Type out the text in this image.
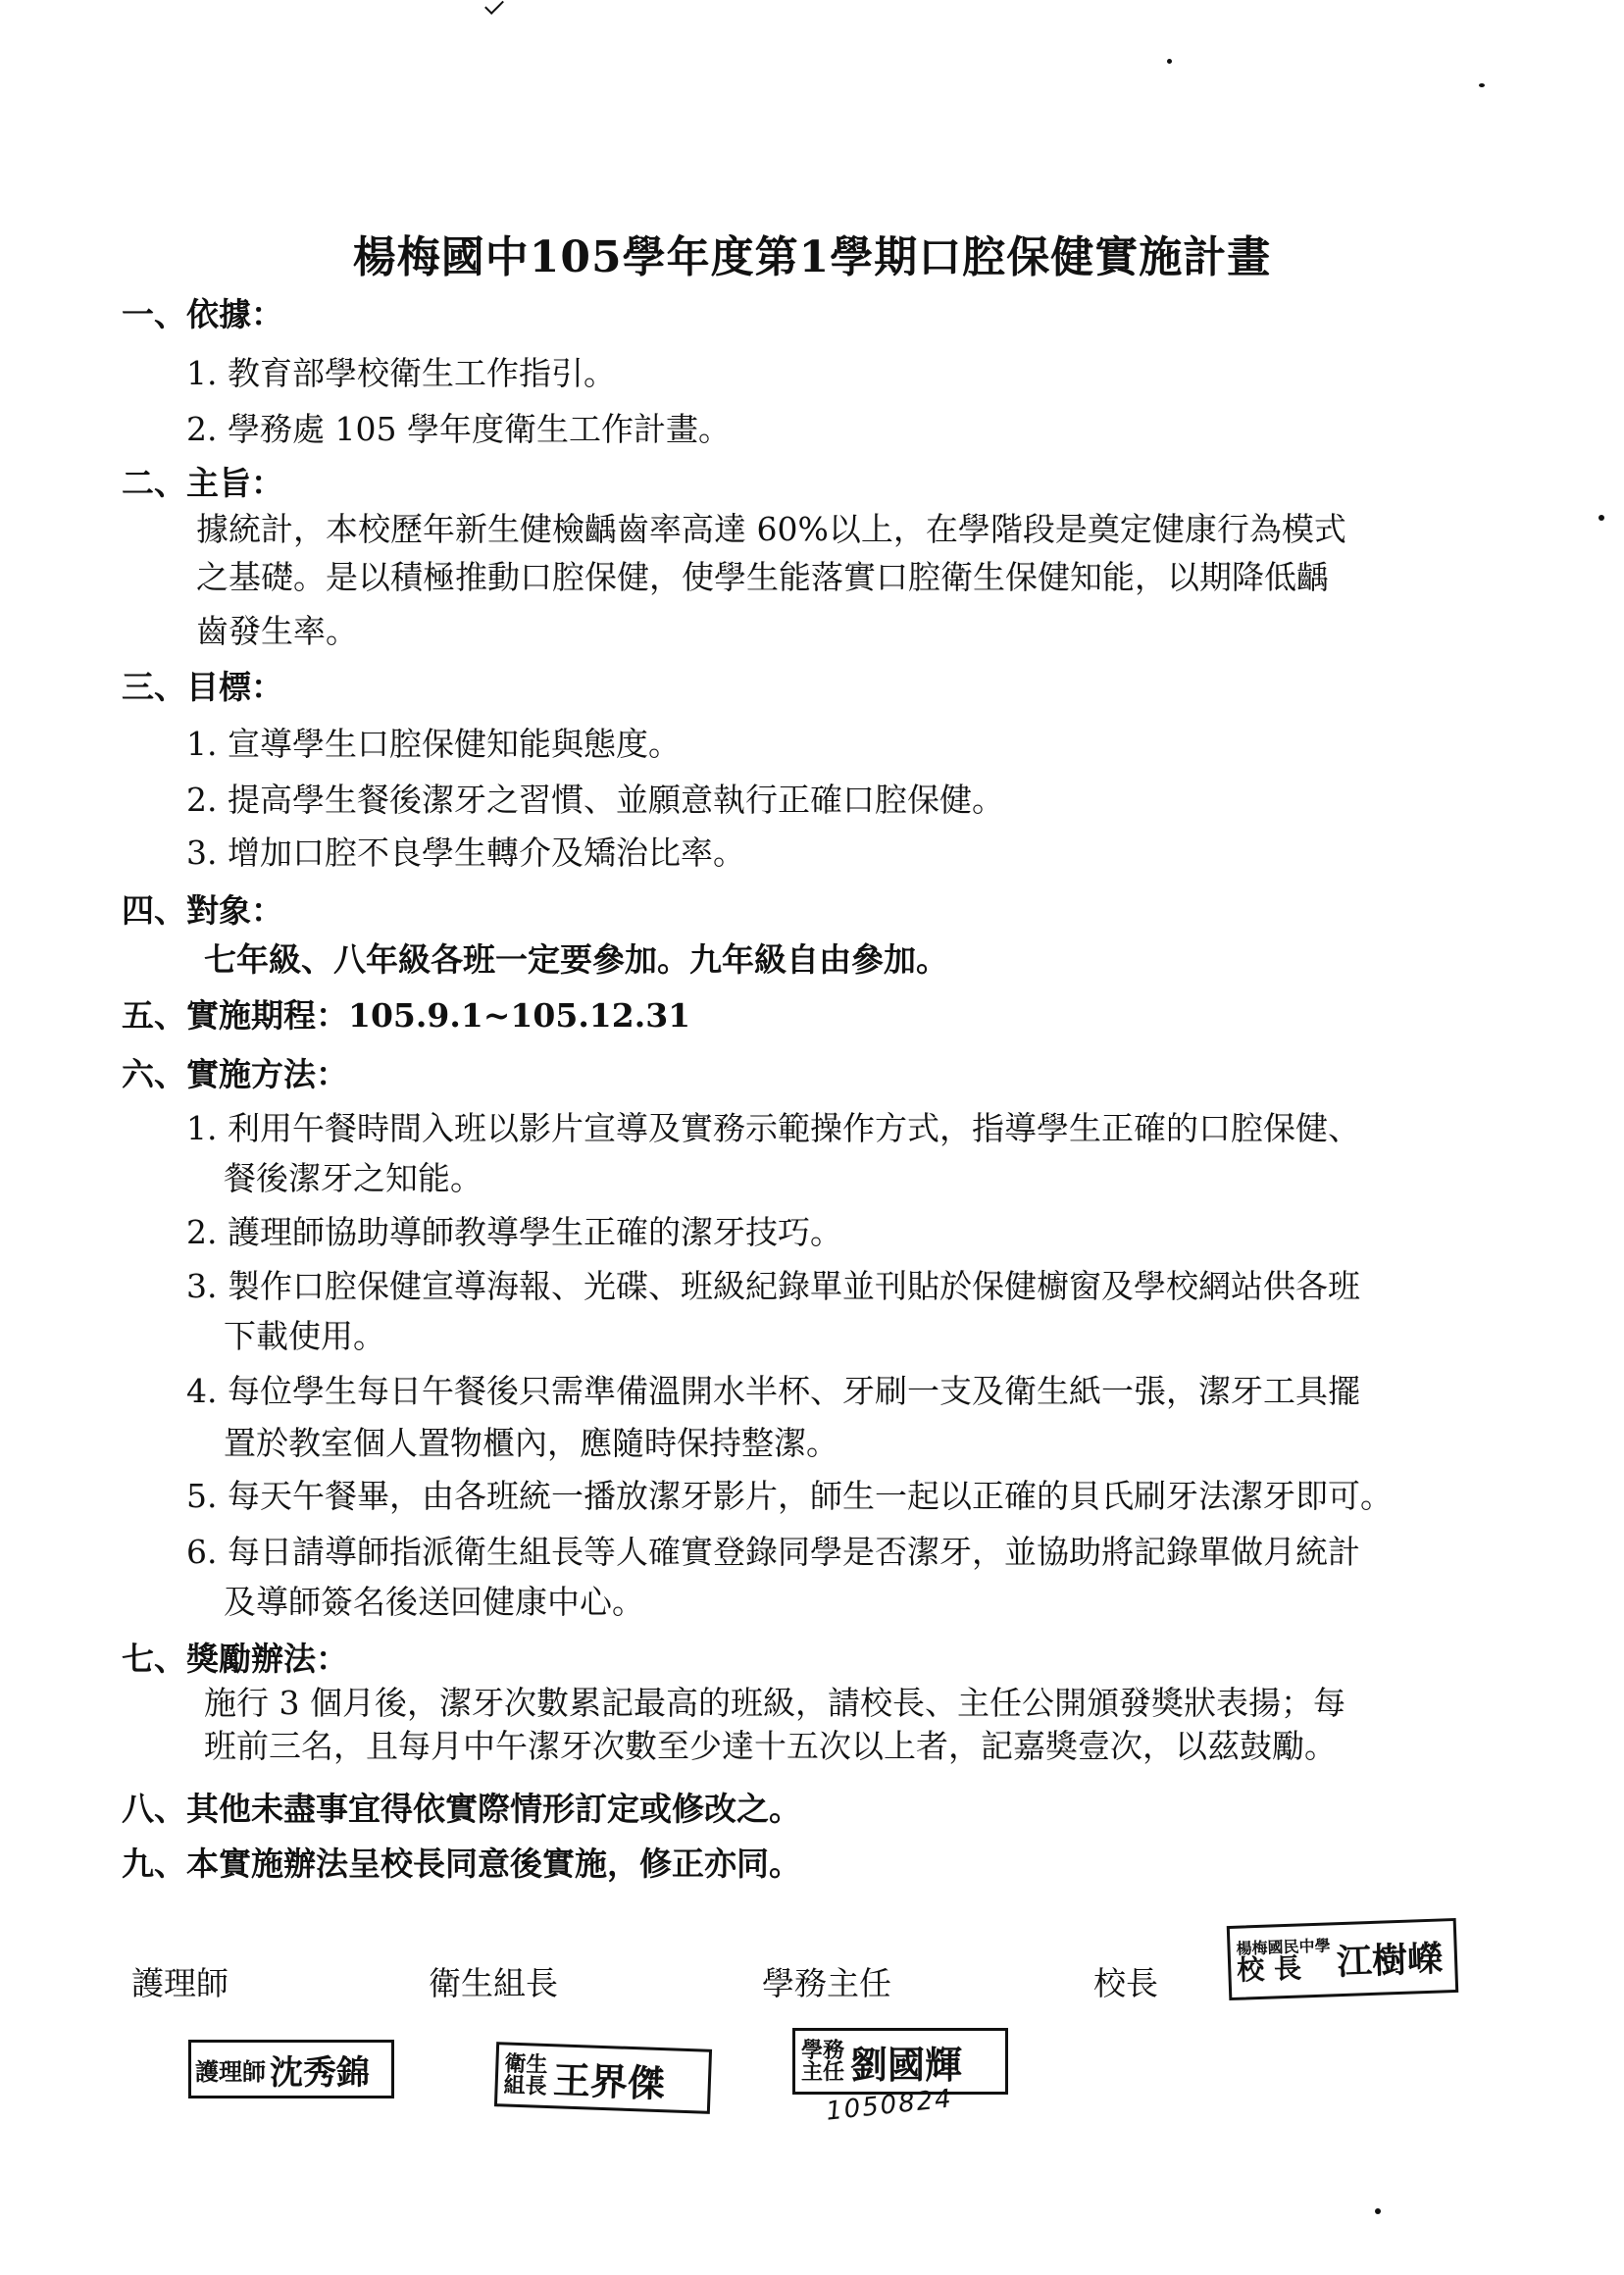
楊梅國中105學年度第1學期口腔保健實施計畫
一、依據：
1. 教育部學校衛生工作指引。
2. 學務處 105 學年度衛生工作計畫。
二、主旨：
據統計，本校歷年新生健檢齲齒率高達 60%以上，在學階段是奠定健康行為模式
之基礎。是以積極推動口腔保健，使學生能落實口腔衛生保健知能，以期降低齲
齒發生率。
三、目標：
1. 宣導學生口腔保健知能與態度。
2. 提高學生餐後潔牙之習慣、並願意執行正確口腔保健。
3. 增加口腔不良學生轉介及矯治比率。
四、對象：
七年級、八年級各班一定要參加。九年級自由參加。
五、實施期程：105.9.1~105.12.31
六、實施方法：
1. 利用午餐時間入班以影片宣導及實務示範操作方式，指導學生正確的口腔保健、
餐後潔牙之知能。
2. 護理師協助導師教導學生正確的潔牙技巧。
3. 製作口腔保健宣導海報、光碟、班級紀錄單並刊貼於保健櫥窗及學校網站供各班
下載使用。
4. 每位學生每日午餐後只需準備溫開水半杯、牙刷一支及衛生紙一張，潔牙工具擺
置於教室個人置物櫃內，應隨時保持整潔。
5. 每天午餐畢，由各班統一播放潔牙影片，師生一起以正確的貝氏刷牙法潔牙即可。
6. 每日請導師指派衛生組長等人確實登錄同學是否潔牙，並協助將記錄單做月統計
及導師簽名後送回健康中心。
七、獎勵辦法：
施行 3 個月後，潔牙次數累記最高的班級，請校長、主任公開頒發獎狀表揚；每
班前三名，且每月中午潔牙次數至少達十五次以上者，記嘉獎壹次，以茲鼓勵。
八、其他未盡事宜得依實際情形訂定或修改之。
九、本實施辦法呈校長同意後實施，修正亦同。
護理師	衛生組長	學務主任	校長
楊梅國民中學
校 長 江樹嶸
護理師 沈秀錦	衛生
組長 王界傑
學務
主任 劉國輝
1050824
